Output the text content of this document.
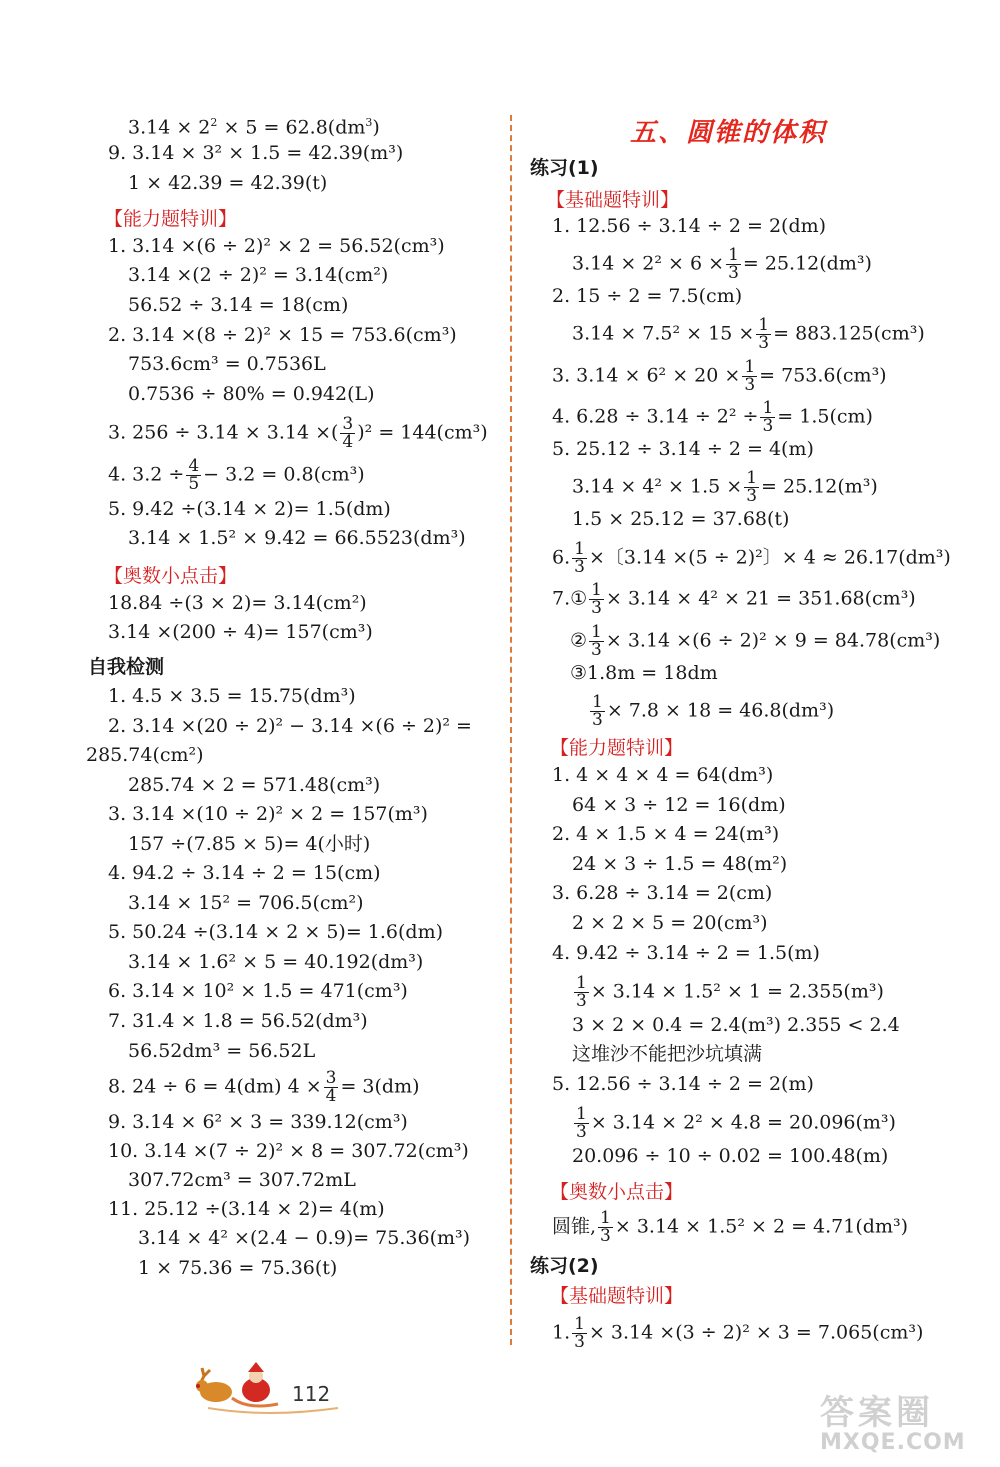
$3.14 \times 2^2 \times 5 = 62.8(dm^3)$
9. 3.14 × 3² × 1.5 = 42.39(m³)
1 × 42.39 = 42.39(t)
【能力题特训】
1. 3.14 ×(6 ÷ 2)² × 2 = 56.52(cm³)
3.14 ×(2 ÷ 2)² = 3.14(cm²)
56.52 ÷ 3.14 = 18(cm)
2. 3.14 ×(8 ÷ 2)² × 15 = 753.6(cm³)
753.6cm³ = 0.7536L
0.7536 ÷ 80% = 0.942(L)
3. 256 ÷ 3.14 × 3.14 ×( $\frac{3}{4} )^2 = 144(cm^3)$
4. $3.2 \div \frac{4}{5} - 3.2 = 0.8(cm^3)$
5. 9.42 ÷(3.14 × 2)= 1.5(dm)
3.14 × 1.5² × 9.42 = 66.5523(dm³)
【奥数小点击】
18.84 ÷(3 × 2)= 3.14(cm²)
3.14 ×(200 ÷ 4)= 157(cm³)
自我检测
1. 4.5 × 3.5 = 15.75(dm³)
2. 3.14 ×(20 ÷ 2)² − 3.14 ×(6 ÷ 2)² =
285.74(cm²)
285.74 × 2 = 571.48(cm³)
3. 3.14 ×(10 ÷ 2)² × 2 = 157(m³)
157 ÷(7.85 × 5)= 4(小时)
4. 94.2 ÷ 3.14 ÷ 2 = 15(cm)
3.14 × 15² = 706.5(cm²)
5. 50.24 ÷(3.14 × 2 × 5)= 1.6(dm)
3.14 × 1.6² × 5 = 40.192(dm³)
6. 3.14 × 10² × 1.5 = 471(cm³)
7. 31.4 × 1.8 = 56.52(dm³)
56.52dm³ = 56.52L
8. 24 ÷ 6 = 4(dm) $4 \times \frac{3}{4} = 3(dm)$
9. 3.14 × 6² × 3 = 339.12(cm³)
10. 3.14 ×(7 ÷ 2)² × 8 = 307.72(cm³)
307.72cm³ = 307.72mL
11. 25.12 ÷(3.14 × 2)= 4(m)
3.14 × 4² ×(2.4 − 0.9)= 75.36(m³)
1 × 75.36 = 75.36(t)
五、圆锥的体积
练习(1)
【基础题特训】
1. 12.56 ÷ 3.14 ÷ 2 = 2(dm)
$3.14 \times 2^2 \times 6 \times \frac{1}{3} = 25.12(dm^3)$
2. 15 ÷ 2 = 7.5(cm)
$3.14 \times 7.5^2 \times 15 \times \frac{1}{3} = 883.125(cm^3)$
3. $3.14 \times 6^2 \times 20 \times \frac{1}{3} = 753.6(cm^3)$
4. $6.28 \div 3.14 \div 2^2 \div \frac{1}{3} = 1.5(cm)$
5. 25.12 ÷ 3.14 ÷ 2 = 4(m)
$3.14 \times 4^2 \times 1.5 \times \frac{1}{3} = 25.12(m^3)$
1.5 × 25.12 = 37.68(t)
6. $\frac{1}{3}$ ×〔3.14 ×(5 ÷ 2)²〕× 4 ≈ 26.17(dm³)
7.① $\frac{1}{3} \times 3.14 \times 4^2 \times 21 = 351.68(cm^3)$
② $\frac{1}{3} \times 3.14 \times(6 \div 2)^2 \times 9 = 84.78(cm^3)$
③1.8m = 18dm
$\frac{1}{3} \times 7.8 \times 18 = 46.8(dm^3)$
【能力题特训】
1. 4 × 4 × 4 = 64(dm³)
64 × 3 ÷ 12 = 16(dm)
2. 4 × 1.5 × 4 = 24(m³)
24 × 3 ÷ 1.5 = 48(m²)
3. 6.28 ÷ 3.14 = 2(cm)
2 × 2 × 5 = 20(cm³)
4. 9.42 ÷ 3.14 ÷ 2 = 1.5(m)
$\frac{1}{3} \times 3.14 \times 1.5^2 \times 1 = 2.355(m^3)$
3 × 2 × 0.4 = 2.4(m³) 2.355 < 2.4
这堆沙不能把沙坑填满
5. 12.56 ÷ 3.14 ÷ 2 = 2(m)
$\frac{1}{3} \times 3.14 \times 2^2 \times 4.8 = 20.096(m^3)$
20.096 ÷ 10 ÷ 0.02 = 100.48(m)
【奥数小点击】
圆锥, $\frac{1}{3} \times 3.14 \times 1.5^2 \times 2 = 4.71(dm^3)$
练习(2)
【基础题特训】
1. $\frac{1}{3} \times 3.14 \times(3 \div 2)^2 \times 3 = 7.065(cm^3)$
112	答案圈
MXQE.COM
